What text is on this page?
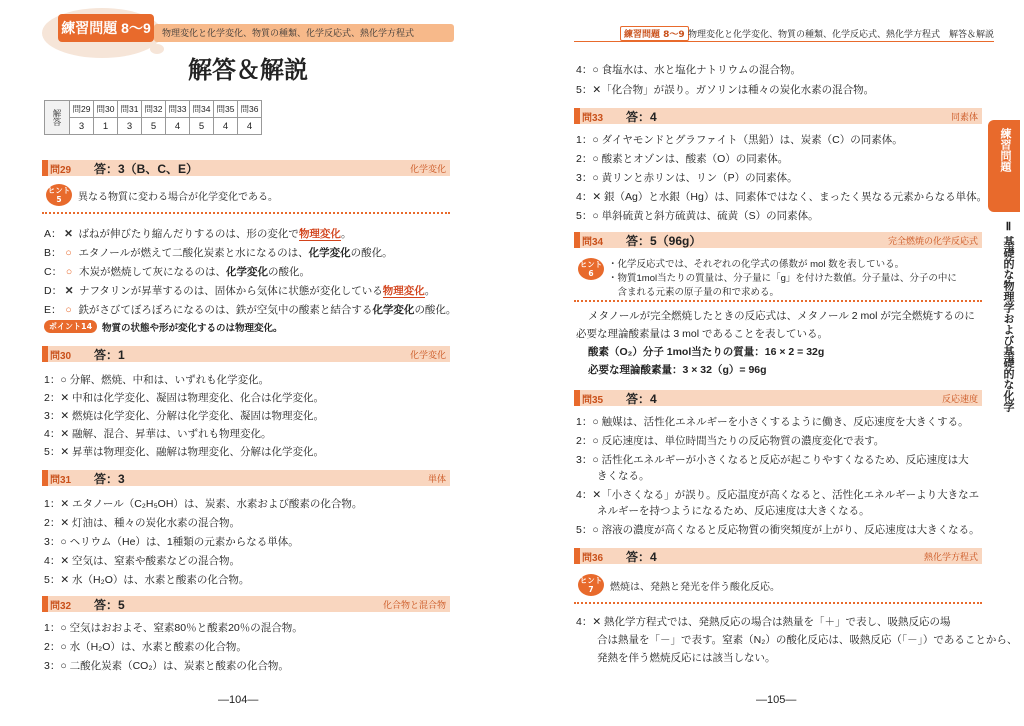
練習問題 8～9	物理変化と化学変化、物質の種類、化学反応式、熱化学方程式
解答＆解説
解答	問29	問30	問31	問32	問33	問34	問35	問36
	3	1	3	5	4	5	4	4
問29 答：3（B、C、E）	化学変化
ヒント5	異なる物質に変わる場合が化学変化である。
A： ✕ ばねが伸びたり縮んだりするのは、形の変化で物理変化。
B： ○ エタノールが燃えて二酸化炭素と水になるのは、化学変化の酸化。
C： ○ 木炭が燃焼して灰になるのは、化学変化の酸化。
D： ✕ ナフタリンが昇華するのは、固体から気体に状態が変化している物理変化。
E： ○ 鉄がさびてぼろぼろになるのは、鉄が空気中の酸素と結合する化学変化の酸化。
ポイント14	物質の状態や形が変化するのは物理変化。
問30 答：1	化学変化
1：○ 分解、燃焼、中和は、いずれも化学変化。
2：✕ 中和は化学変化、凝固は物理変化、化合は化学変化。
3：✕ 燃焼は化学変化、分解は化学変化、凝固は物理変化。
4：✕ 融解、混合、昇華は、いずれも物理変化。
5：✕ 昇華は物理変化、融解は物理変化、分解は化学変化。
問31 答：3	単体
1：✕ エタノール（C₂H₅OH）は、炭素、水素および酸素の化合物。
2：✕ 灯油は、種々の炭化水素の混合物。
3：○ ヘリウム（He）は、1種類の元素からなる単体。
4：✕ 空気は、窒素や酸素などの混合物。
5：✕ 水（H₂O）は、水素と酸素の化合物。
問32 答：5	化合物と混合物
1：○ 空気はおおよそ、窒素80％と酸素20％の混合物。
2：○ 水（H₂O）は、水素と酸素の化合物。
3：○ 二酸化炭素（CO₂）は、炭素と酸素の化合物。
—104—
練習問題 8～9 物理変化と化学変化、物質の種類、化学反応式、熱化学方程式　解答＆解説
4：○ 食塩水は、水と塩化ナトリウムの混合物。
5：✕「化合物」が誤り。ガソリンは種々の炭化水素の混合物。
問33 答：4	同素体
1：○ ダイヤモンドとグラファイト（黒鉛）は、炭素（C）の同素体。
2：○ 酸素とオゾンは、酸素（O）の同素体。
3：○ 黄リンと赤リンは、リン（P）の同素体。
4：✕ 銀（Ag）と水銀（Hg）は、同素体ではなく、まったく異なる元素からなる単体。
5：○ 単斜硫黄と斜方硫黄は、硫黄（S）の同素体。
問34 答：5（96g）	完全燃焼の化学反応式
ヒント6
・化学反応式では、それぞれの化学式の係数が mol 数を表している。
・物質1mol当たりの質量は、分子量に「g」を付けた数値。分子量は、分子の中に
　含まれる元素の原子量の和で求める。
メタノールが完全燃焼したときの反応式は、メタノール 2 mol が完全燃焼するのに
必要な理論酸素量は 3 mol であることを表している。
酸素（O₂）分子 1mol当たりの質量：16 × 2 = 32g
必要な理論酸素量：3 × 32（g）= 96g
問35 答：4	反応速度
1：○ 触媒は、活性化エネルギーを小さくするように働き、反応速度を大きくする。
2：○ 反応速度は、単位時間当たりの反応物質の濃度変化で表す。
3：○ 活性化エネルギーが小さくなると反応が起こりやすくなるため、反応速度は大
　　きくなる。
4：✕「小さくなる」が誤り。反応温度が高くなると、活性化エネルギーより大きなエ
　　ネルギーを持つようになるため、反応速度は大きくなる。
5：○ 溶液の濃度が高くなると反応物質の衝突頻度が上がり、反応速度は大きくなる。
問36 答：4	熱化学方程式
ヒント7	燃焼は、発熱と発光を伴う酸化反応。
4：✕ 熱化学方程式では、発熱反応の場合は熱量を「＋」で表し、吸熱反応の場
　　合は熱量を「－」で表す。窒素（N₂）の酸化反応は、吸熱反応（「－」）であることから、
　　発熱を伴う燃焼反応には該当しない。
練習問題
Ⅱ 基礎的な物理学および基礎的な化学
—105—
